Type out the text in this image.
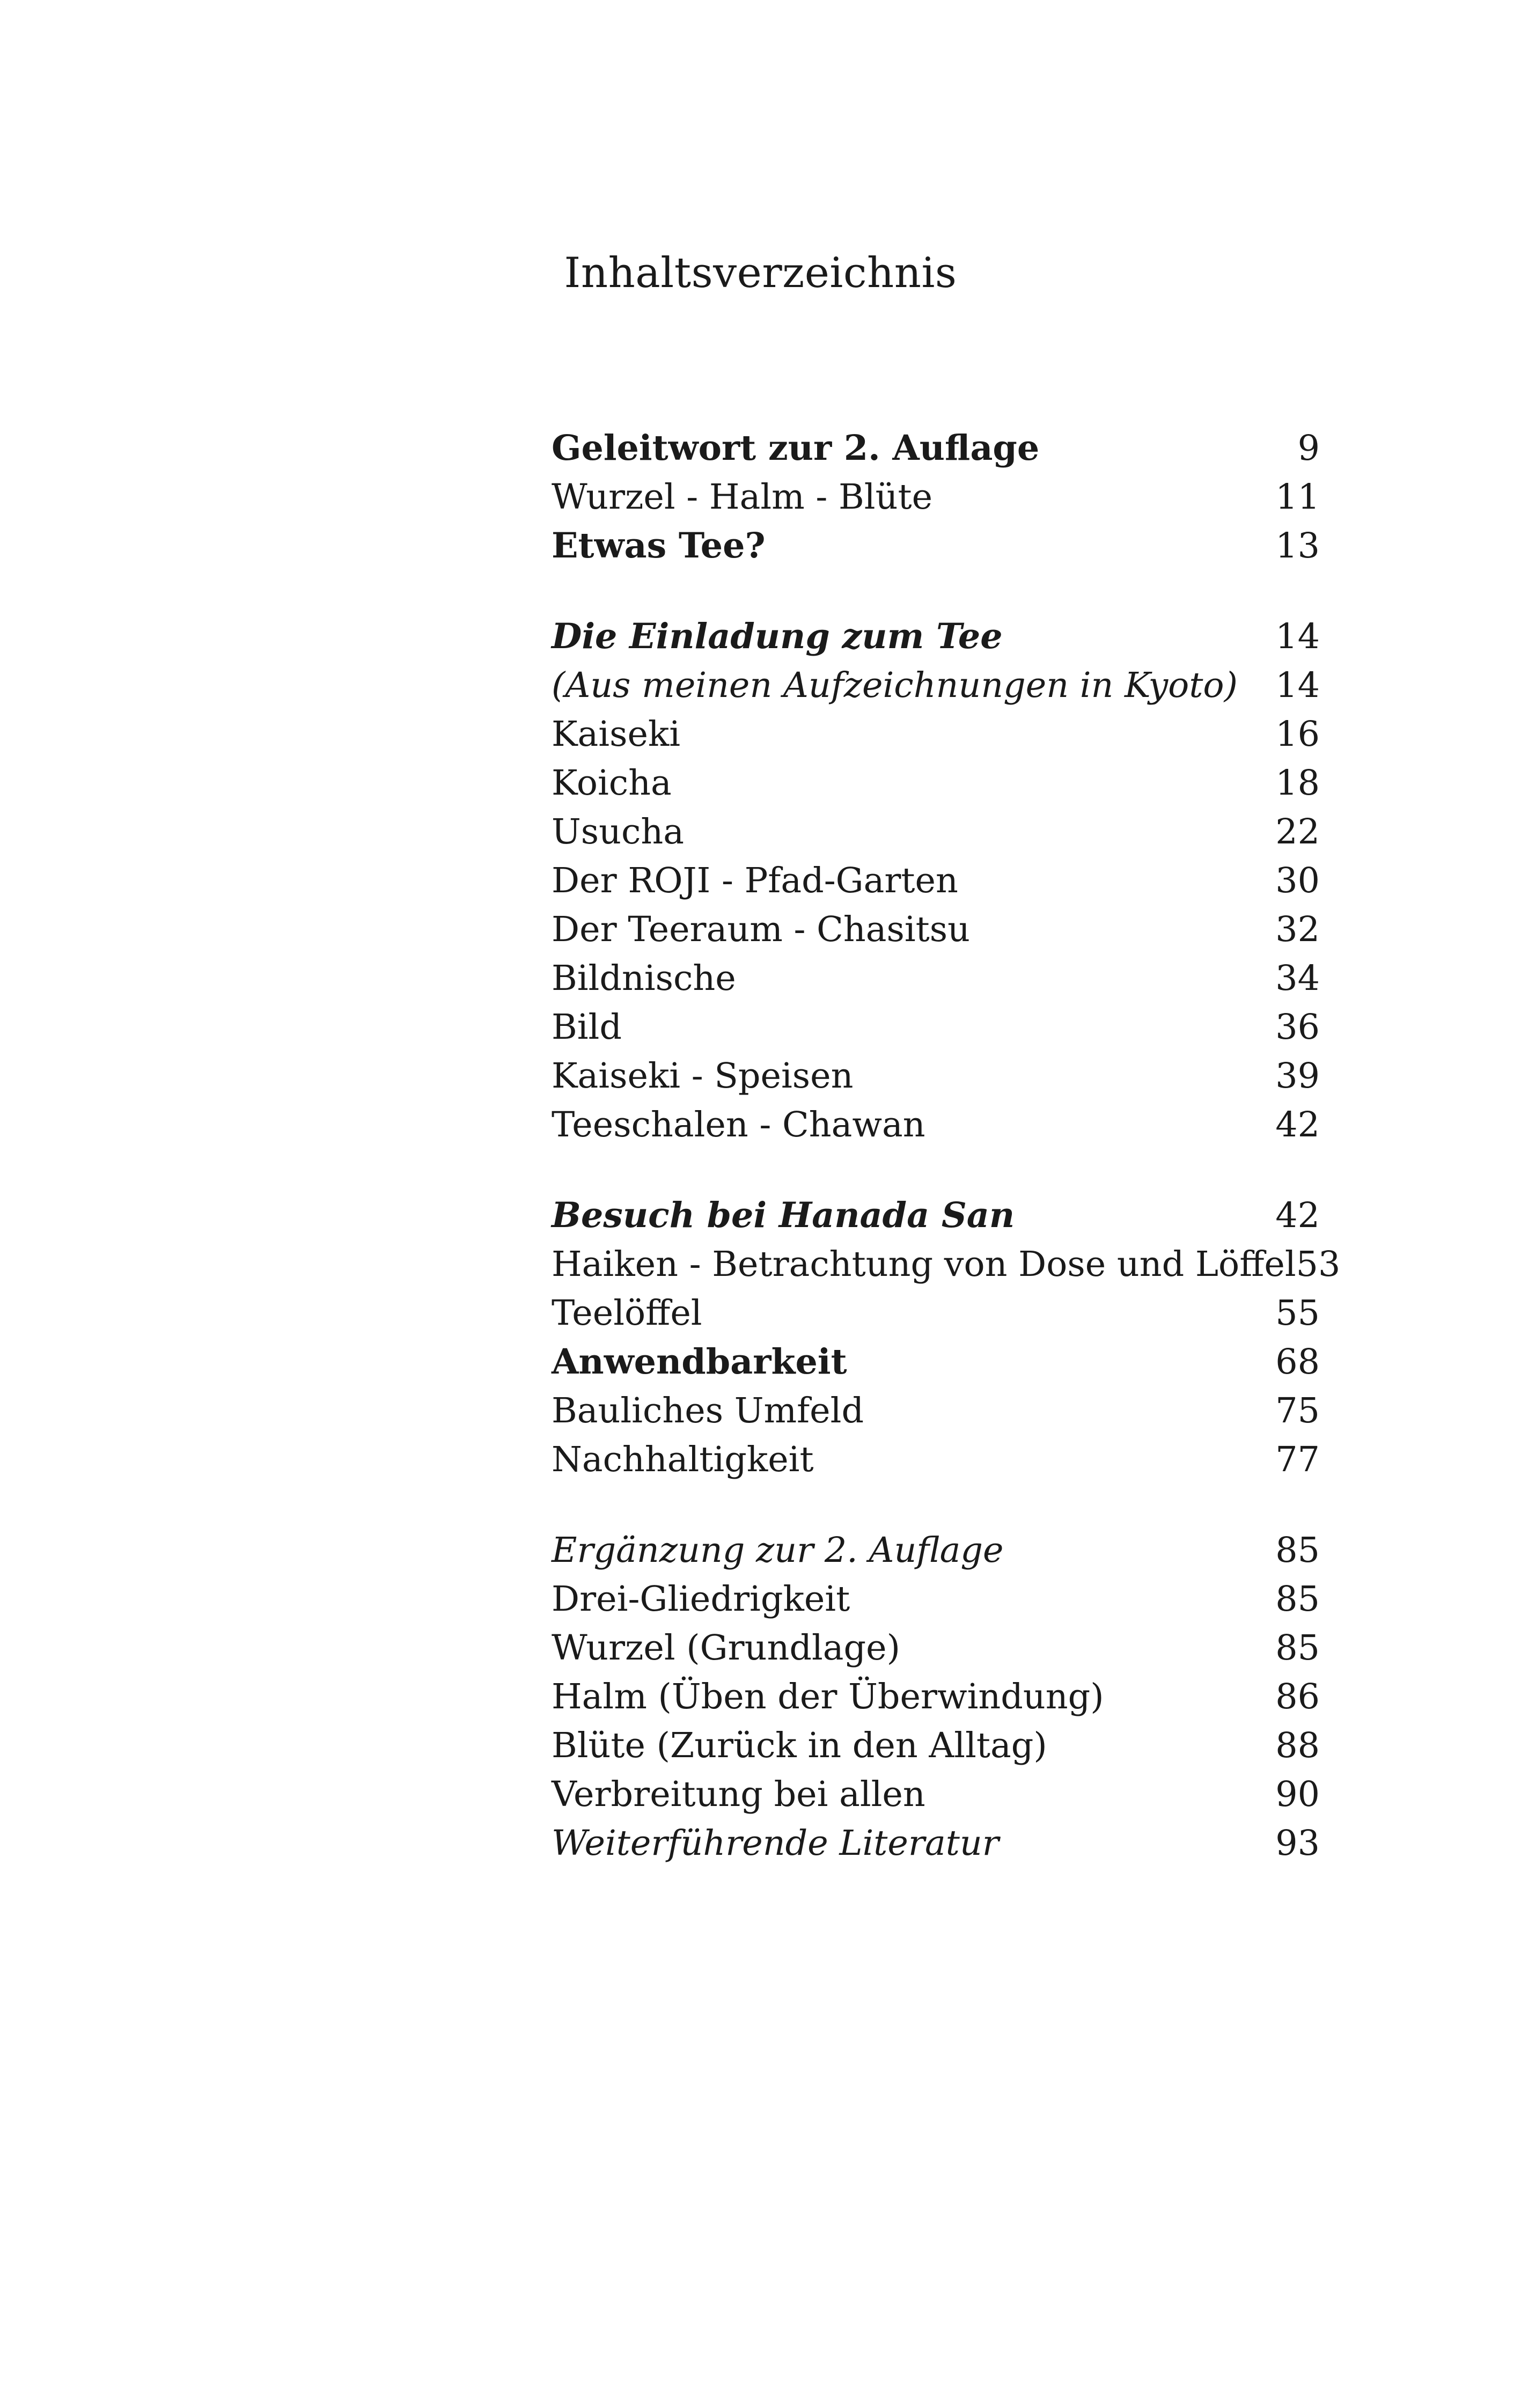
Inhaltsverzeichnis
Geleitwort zur 2. Auflage	9
Wurzel - Halm - Blüte	11
Etwas Tee?	13
Die Einladung zum Tee	14
(Aus meinen Aufzeichnungen in Kyoto) 14
Kaiseki	16
Koicha	18
Usucha	22
Der ROJI - Pfad-Garten	30
Der Teeraum - Chasitsu	32
Bildnische	34
Bild	36
Kaiseki - Speisen	39
Teeschalen - Chawan	42
Besuch bei Hanada San	42
Haiken - Betrachtung von Dose und Löffel 53
Teelöffel	55
Anwendbarkeit	68
Bauliches Umfeld	75
Nachhaltigkeit	77
Ergänzung zur 2. Auflage	85
Drei-Gliedrigkeit	85
Wurzel (Grundlage)	85
Halm (Üben der Überwindung)	86
Blüte (Zurück in den Alltag)	88
Verbreitung bei allen	90
Weiterführende Literatur	93
